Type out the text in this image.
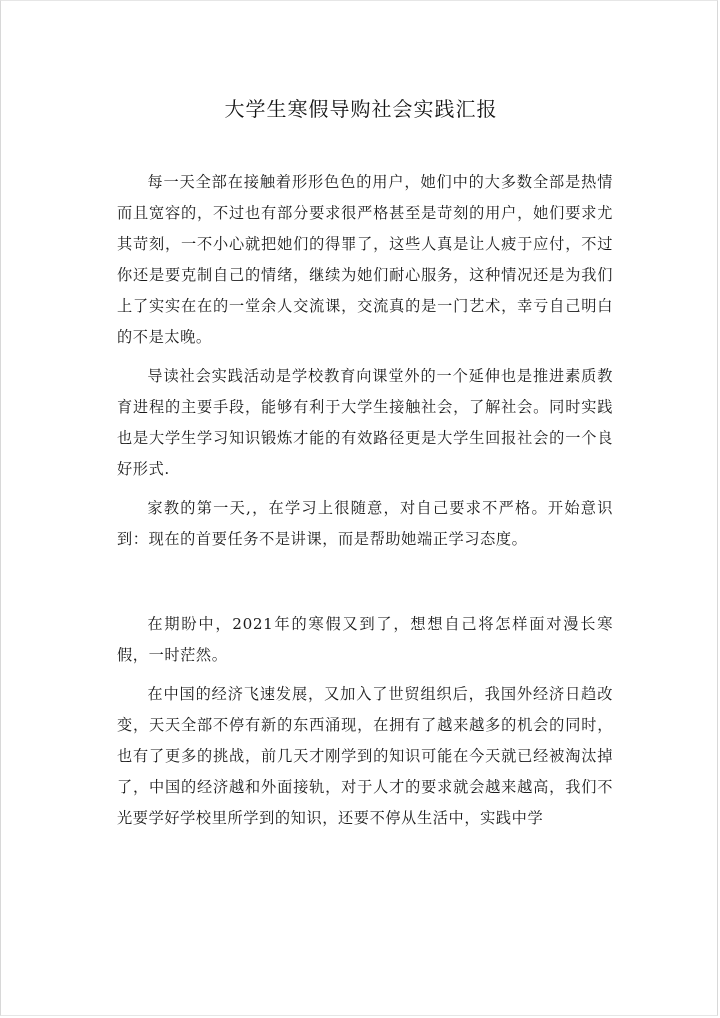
大学生寒假导购社会实践汇报

每一天全部在接触着形形色色的用户，她们中的大多数全部是热情而且宽容的，不过也有部分要求很严格甚至是苛刻的用户，她们要求尤其苛刻，一不小心就把她们的得罪了，这些人真是让人疲于应付，不过你还是要克制自己的情绪，继续为她们耐心服务，这种情况还是为我们上了实实在在的一堂余人交流课，交流真的是一门艺术，幸亏自己明白的不是太晚。

导读社会实践活动是学校教育向课堂外的一个延伸也是推进素质教育进程的主要手段，能够有利于大学生接触社会，了解社会。同时实践也是大学生学习知识锻炼才能的有效路径更是大学生回报社会的一个良好形式.

家教的第一天,，在学习上很随意，对自己要求不严格。开始意识到：现在的首要任务不是讲课，而是帮助她端正学习态度。

在期盼中，2021年的寒假又到了，想想自己将怎样面对漫长寒假，一时茫然。

在中国的经济飞速发展，又加入了世贸组织后，我国外经济日趋改变，天天全部不停有新的东西涌现，在拥有了越来越多的机会的同时，也有了更多的挑战，前几天才刚学到的知识可能在今天就已经被淘汰掉了，中国的经济越和外面接轨，对于人才的要求就会越来越高，我们不光要学好学校里所学到的知识，还要不停从生活中，实践中学
